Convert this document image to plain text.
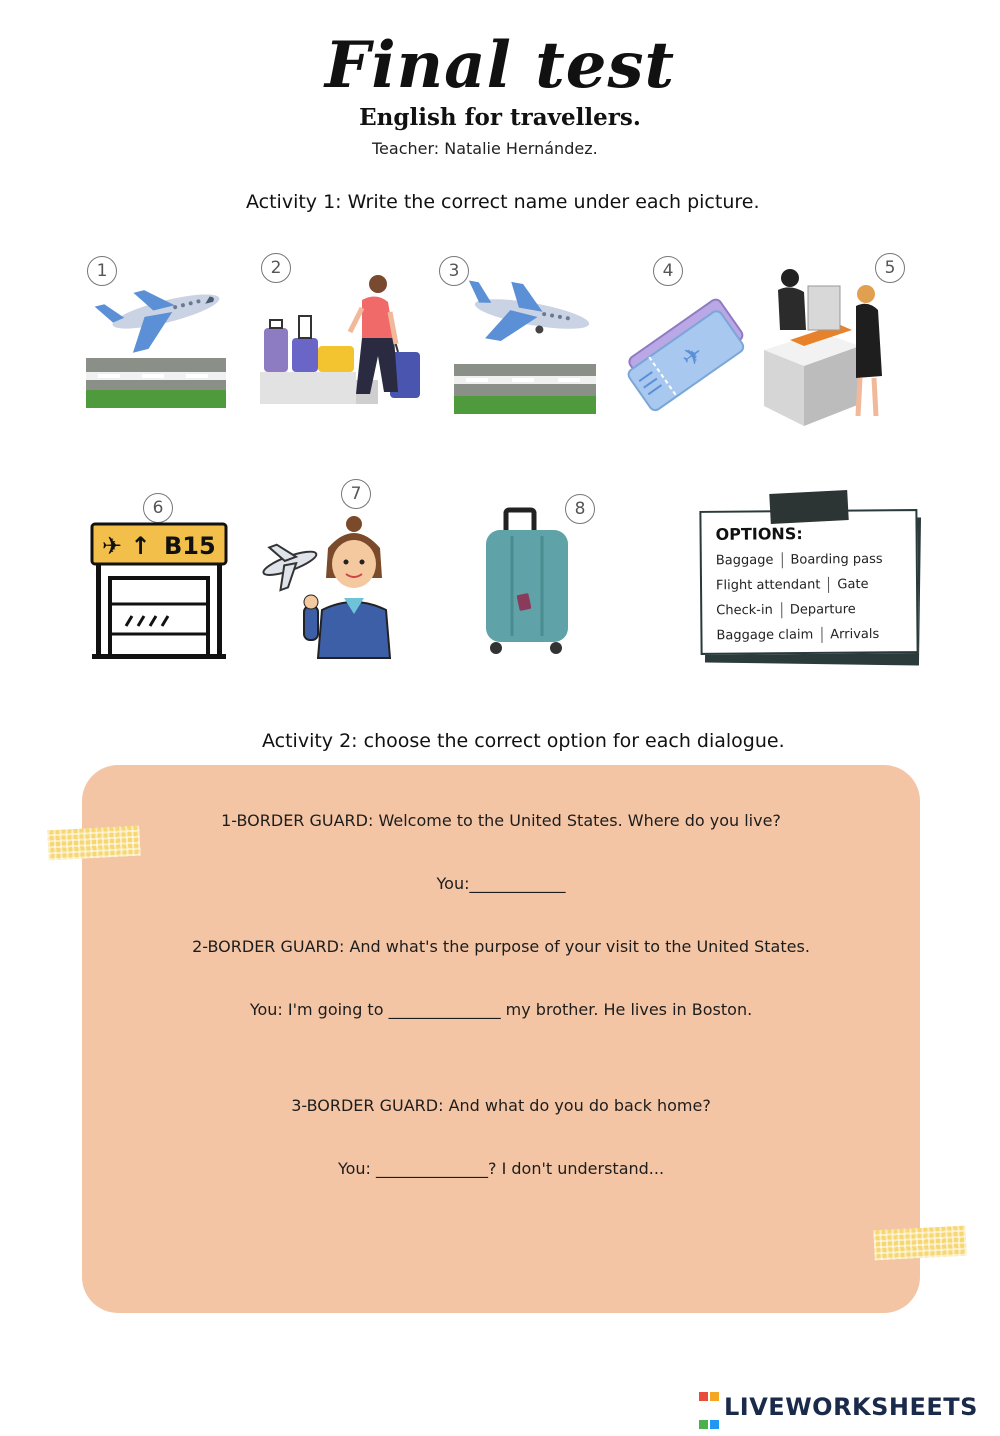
Final test
English for travellers.
Teacher: Natalie Hernández.
Activity 1: Write the correct name under each picture.
1	2	3	4	5
6
7
8
✈
✈ ↑ B15	OPTIONS:
Baggage Boarding pass
Flight attendant Gate
Check-in Departure
Baggage claim Arrivals
Activity 2: choose the correct option for each dialogue.
1-BORDER GUARD: Welcome to the United States. Where do you live?
You:____________
2-BORDER GUARD: And what's the purpose of your visit to the United States.
You: I'm going to ______________ my brother. He lives in Boston.
3-BORDER GUARD: And what do you do back home?
You: ______________? I don't understand...

LIVEWORKSHEETS
